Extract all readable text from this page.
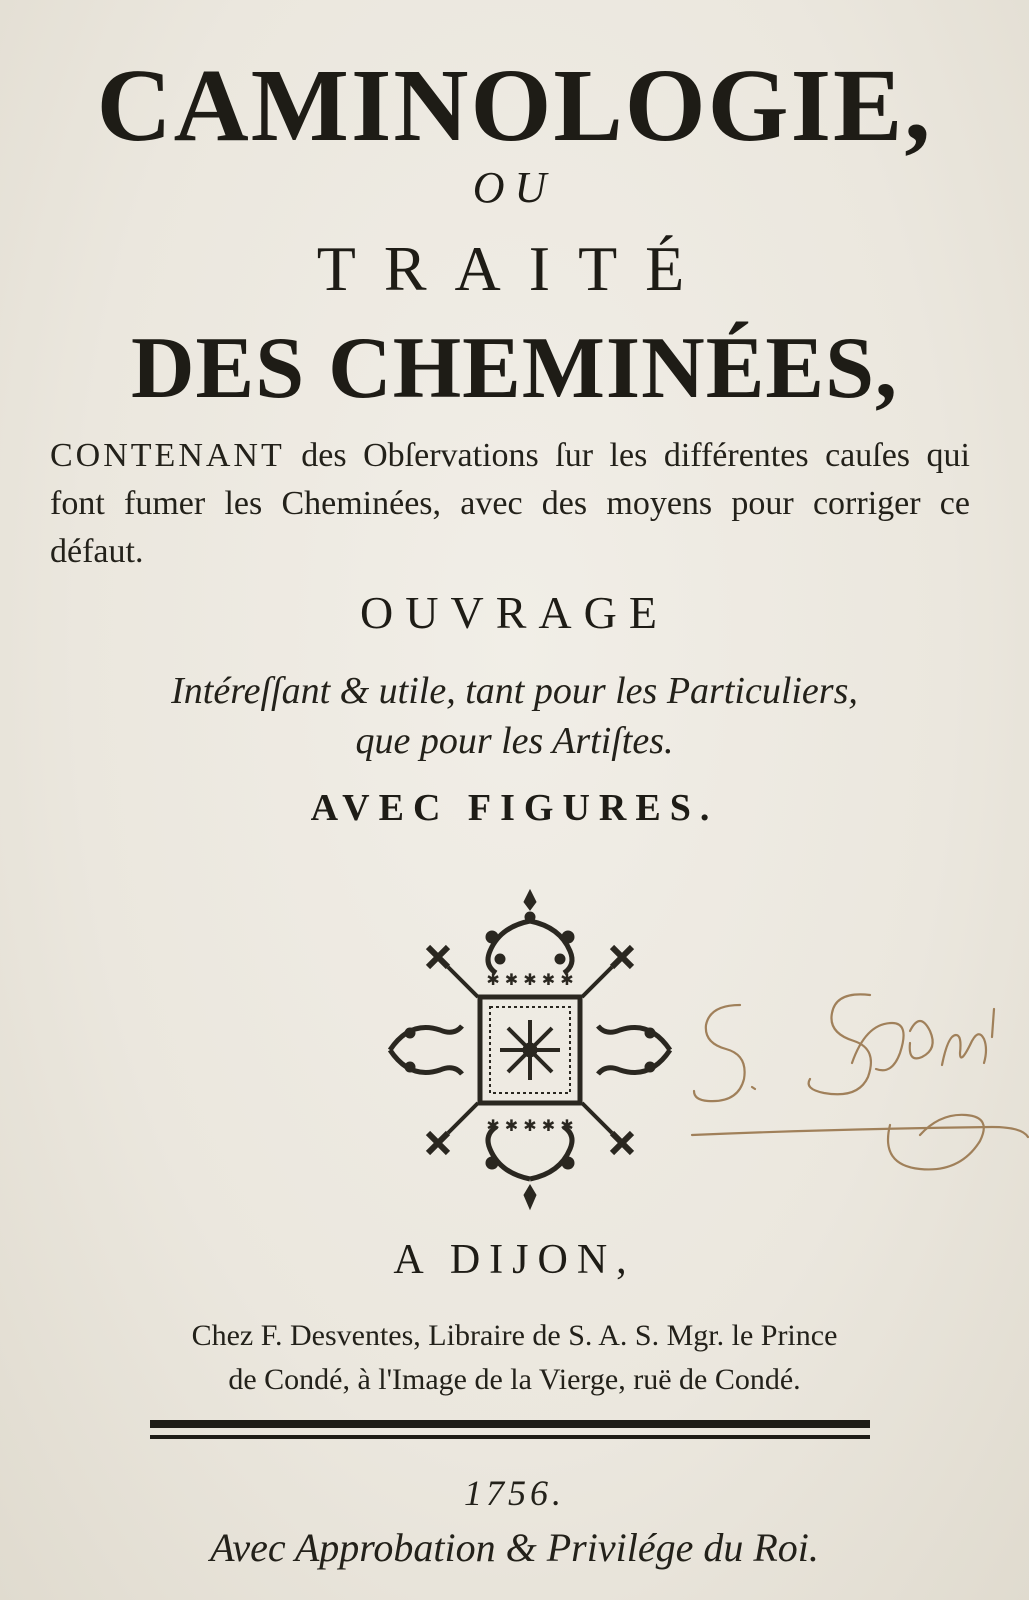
CAMINOLOGIE,
OU
TRAITÉ
DES CHEMINÉES,
CONTENANT des Obſervations ſur les différentes cauſes qui font fumer les Cheminées, avec des moyens pour corriger ce défaut.
OUVRAGE
Intéreſſant & utile, tant pour les Particuliers,
que pour les Artiſtes.
AVEC FIGURES.
✱ ✱ ✱ ✱ ✱
✱ ✱ ✱ ✱ ✱
A DIJON,
Chez F. Desventes, Libraire de S. A. S. Mgr. le Prince
de Condé, à l'Image de la Vierge, ruë de Condé.
1756.
Avec Approbation & Privilége du Roi.
